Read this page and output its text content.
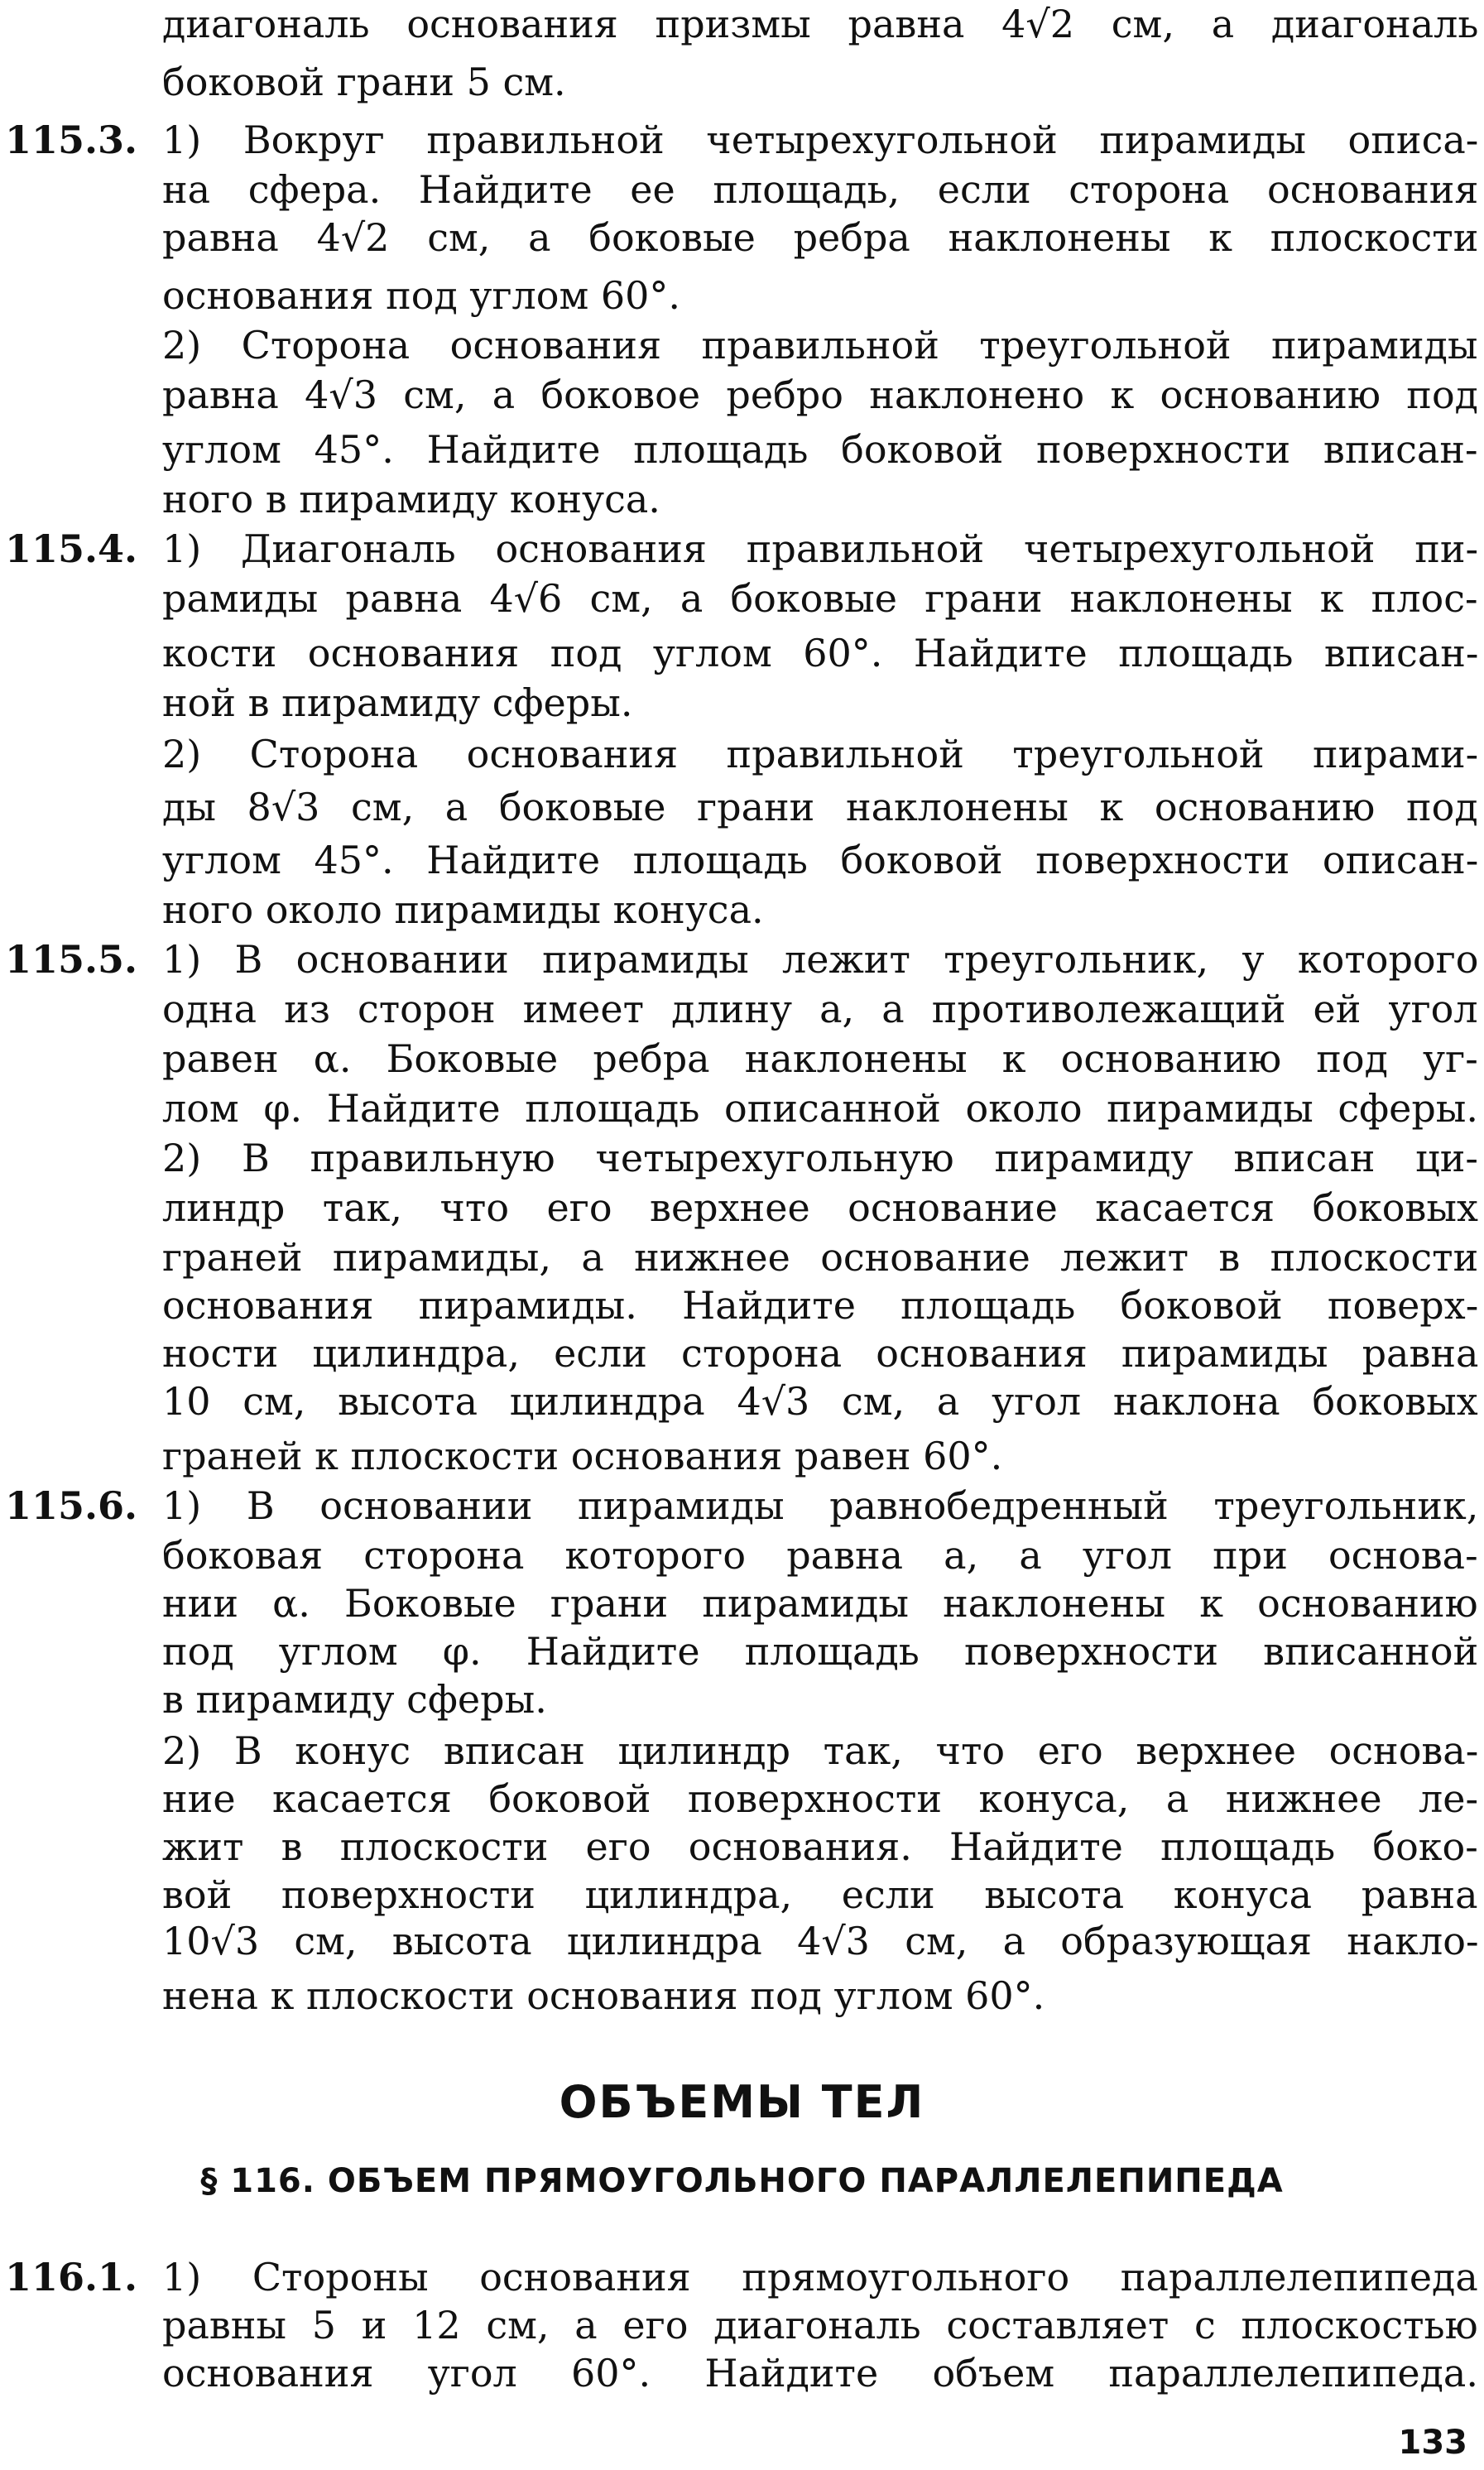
диагональ основания призмы равна 4√2 см, а диагональ
боковой грани 5 см.
1) Вокруг правильной четырехугольной пирамиды описа-
на сфера. Найдите ее площадь, если сторона основания
равна 4√2 см, а боковые ребра наклонены к плоскости
основания под углом 60°.
2) Сторона основания правильной треугольной пирамиды
равна 4√3 см, а боковое ребро наклонено к основанию под
углом 45°. Найдите площадь боковой поверхности вписан-
ного в пирамиду конуса.
1) Диагональ основания правильной четырехугольной пи-
рамиды равна 4√6 см, а боковые грани наклонены к плос-
кости основания под углом 60°. Найдите площадь вписан-
ной в пирамиду сферы.
2) Сторона основания правильной треугольной пирами-
ды 8√3 см, а боковые грани наклонены к основанию под
углом 45°. Найдите площадь боковой поверхности описан-
ного около пирамиды конуса.
1) В основании пирамиды лежит треугольник, у которого
одна из сторон имеет длину a, а противолежащий ей угол
равен α. Боковые ребра наклонены к основанию под уг-
лом φ. Найдите площадь описанной около пирамиды сферы.
2) В правильную четырехугольную пирамиду вписан ци-
линдр так, что его верхнее основание касается боковых
граней пирамиды, а нижнее основание лежит в плоскости
основания пирамиды. Найдите площадь боковой поверх-
ности цилиндра, если сторона основания пирамиды равна
10 см, высота цилиндра 4√3 см, а угол наклона боковых
граней к плоскости основания равен 60°.
1) В основании пирамиды равнобедренный треугольник,
боковая сторона которого равна a, а угол при основа-
нии α. Боковые грани пирамиды наклонены к основанию
под углом φ. Найдите площадь поверхности вписанной
в пирамиду сферы.
2) В конус вписан цилиндр так, что его верхнее основа-
ние касается боковой поверхности конуса, а нижнее ле-
жит в плоскости его основания. Найдите площадь боко-
вой поверхности цилиндра, если высота конуса равна
10√3 см, высота цилиндра 4√3 см, а образующая накло-
нена к плоскости основания под углом 60°.
1) Стороны основания прямоугольного параллелепипеда
равны 5 и 12 см, а его диагональ составляет с плоскостью
основания угол 60°. Найдите объем параллелепипеда.
115.3.
115.4.
115.5.
115.6.
116.1.
ОБЪЕМЫ ТЕЛ
§ 116. ОБЪЕМ ПРЯМОУГОЛЬНОГО ПАРАЛЛЕЛЕПИПЕДА
133
